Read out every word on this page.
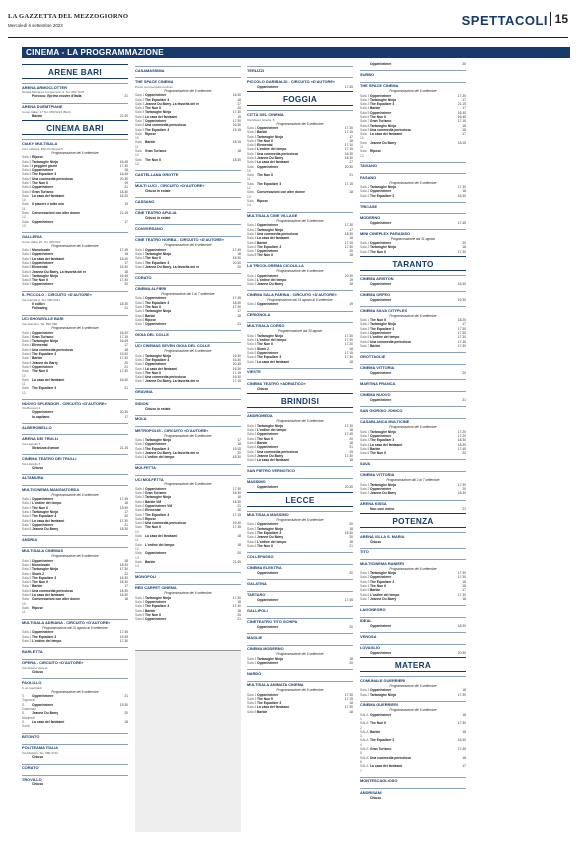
LA GAZZETTA DEL MEZZOGIORNO
Mercoledì 6 settembre 2023	SPETTACOLI 15
CINEMA - LA PROGRAMMAZIONE
ARENE BARI
ARENA ARMOCLOTTER
Strada Mocarea Lungomare, 3. Tel. 080.7276
Porcocu: Eprime mostre d'Italia	21
ARENA DUEMTPIANE
Corso Italia, 17 Tel. 080.5212 (Bari)
Barbie	21.30
CINEMA BARI
CIAKY MULTISALA
Via I mbriani, Bari Prolingua 5
Programmazione del 6 settembre
Sala 1 Ripose
Sala 2 Tartarughe Ninja	16.45
Sala 3 I peggiori giorni	17.30
Sala 4 Oppenheimer	18
Sala 5 The Equalizer 3	16.45
Sala 6 Una commedia pericolosa	20.30
Sala 7 The Nun II	19
Sala 8 Oppenheimer	21
Sala 9 Gran Turismo	18.30
Sala 10
La casa dei fantasmi	16.20
Sala 11
Il piacere è tutto mio	19
Sala 12
Conversazioni con altre donne	21.15
Sala 13
Oppenheimer	17
GALLERIA
Corso Italia 15. Tel. 080.521
Programmazione del 6 settembre
Sala 1 Monolocale	17.45
Sala 2 Oppenheimer	18
Sala 3 La casa dei fantasmi	16.40
Sala 4 Oppenheimer	17
Sala 5 Elemental	16.30
Sala 6 Jeanne Du Barry. La favorita del re	18
Sala 7 Tartarughe Ninja	16.45
Sala 8 The Nun II	17.30
Sala 9 Oppenheimer	20
IL PICCOLO - CIRCUITO «D'AUTORE»
Via Gandhi 4. Tel. 080.5341
Il colibrì	18.30
Following	21
UCI SHOWVILLE BARI
Via Giannini. Tel. 892.960
Programmazione del 6 settembre
Sala 1 Oppenheimer	16.20
Sala 2 Gran Turismo	17.15
Sala 3 Tartarughe Ninja	16.45
Sala 4 Elemental	17
Sala 5 Una commedia pericolosa	18
Sala 6 The Equalizer 3	19.30
Sala 7 Barbie	17.30
Sala 8 Jeanne du Barry	20
Sala 9 Oppenheimer	21
Sala 10
The Nun II	17.30
Sala 11
La casa dei fantasmi	16.40
Sala 12
The Equalizer 3	21
NUOVO SPLENDOR - CIRCUITO «D'AUTORE»
Via Buccari 2
Oppenheimer	20.30
Io capitano	17
ALBEROBELLO
ARENA DEI TRULLI
Via Lippolis 5
Stranizza d'amuri	21.15
CINEMA TEATRO DEI TRULLI
Via Lippolis 5
Chiuso
ALTAMURA
MULTICINEMA MANGIATORDA
Programmazione del 6 settembre
Sala 1 Oppenheimer	17.45
Sala 2 L'ordine del tempo	18
Sala 3 The Nun II	19.30
Sala 4 Tartarughe Ninja	17
Sala 5 The Equalizer 3	20
Sala 6 La casa dei fantasmi	17.30
Sala 7 Oppenheimer	21
Sala 8 Jeanne Du Barry	18.30
ANDRIA
MULTISALA CINEMAS
Programmazione del 6 settembre
Sala 1 Oppenheimer	18
Sala 2 Monolocale	18.30
Sala 3 Tartarughe Ninja	17.30
Sala 4 Shark 2	22
Sala 5 The Equalizer 3	16.30
Sala 6 The Nun II	18.30
Sala 7 Barbie	17
Sala 8 Una commedia pericolosa	18.30
Sala 9 La casa dei fantasmi	18.30
Sala 10
Conversazioni con altre donne	18
Sala 11
Ripose
MULTISALA ADRIANA - CIRCUITO «D'AUTORE»
Programmazione dal 31 agosto al 6 settembre
Sala 1 Oppenheimer	17.45
Sala 2 The Equalizer 3	19.45
Sala 3 L'ordine del tempo	17.30
BARLETTA
OPERA - CIRCUITO «D'AUTORE»
Via Vittorio Veneto
Chiuso
PAOLILLO
C.so Garibaldi
Programmazione del 6 settembre
S. Tognazzi
Oppenheimer	21
S. Gassman
Oppenheimer	19.30
S. Manfredi
Jeanne Du Barry	20
S. Sordi
La casa dei fantasmi	18
BITONTO
POLITEAMA ITALIA
Via Mazzini. Tel. 080.3712
Chiuso
CORATO
TROVILLO
Chiuso
CASAMASSIMA
THE SPACE CINEMA
Parco commerciale Auchan
Programmazione del 6 settembre
Sala 1 Oppenheimer	16.30
Sala 2 The Equalizer 3	18
Sala 3 Jeanne Du Barry. La favorita del re	17
Sala 4 The Nun II	20
Sala 5 Tartarughe Ninja	17.30
Sala 6 La casa dei fantasmi	19
Sala 7 Oppenheimer	17.30
Sala 8 Una commedia pericolosa	16.30
Sala 9 The Equalizer 3	19.15
Sala 10
Ripose
Sala 11
Barbie	18.15
Sala 12
Gran Turismo	18
Sala 13
The Nun II	18.30
CASTELLANA GROTTE
MULTI LUCI - CIRCUITO «D'AUTORE»
Chiuso in estate
CASSANO
CINE TEATRO APULIA
Chiuso in estate
CONVERSANO
CINE TEATRO NORBA - CIRCUITO «D'AUTORE»
Programmazione del 6 settembre
Sala 1 Oppenheimer	17.45
Sala 2 Tartarughe Ninja	18
Sala 3 The Nun II	18.30
Sala 4 The Equalizer 3	20.30
Sala 5 Jeanne Du Barry. La favorita del re	20
CORATO
CINEMA ALFIERI
Programmazione dal 1 al 7 settembre
Sala 1 Oppenheimer	17.45
Sala 2 The Equalizer 3	18.30
Sala 3 The Nun II	17.30
Sala 4 Tartarughe Ninja	17
Sala 5 Barbie	18
Sala 6 Ripose
Sala 7 Oppenheimer	21
GIOIA DEL COLLE
UCI CINEMAS SEVEN GIOIA DEL COLLE
Programmazione del 6 settembre
Sala 1 Tartarughe Ninja	16.30
Sala 2 The Equalizer 3	16.30
Sala 3 Oppenheimer	20.45
Sala 4 La casa dei fantasmi	16.30
Sala 5 The Nun II	17.15
Sala 6 Una commedia pericolosa	16.30
Sala 7 Jeanne Du Barry. La favorita del re	17.15
GRAVINA
SIDION
Chiuso in estate
MOLA
METROPOLIS - CIRCUITO «D'AUTORE»
Programmazione del 6 settembre
Sala 1 Tartarughe Ninja	17
Sala 2 Oppenheimer	18
Sala 3 The Equalizer 3	19.15
Sala 4 Jeanne Du Barry. La favorita del re	20
Sala 5 L'ordine del tempo	18.30
MOLFETTA
UCI MOLFETTA
Programmazione del 6 settembre
Sala 1 Oppenheimer	17.30
Sala 2 Gran Turismo	18.30
Sala 3 Tartarughe Ninja	16
Sala 4 Barbie VM	18.30
Sala 5 Oppenheimer VM	21
Sala 6 Elemental	16
Sala 7 The Equalizer 3	17.15
Sala 8 Ripose
Sala 9 Una commedia pericolosa	19.30
Sala 10
The Nun II	17.35
Sala 11
La casa dei fantasmi	18
Sala 12
L'ordine del tempo	18
Sala 13
Oppenheimer	20
Sala 14
Barbie	21.45
MONOPOLI
RED CARPET CINEMA
Programmazione del 6 settembre
Sala 1 Tartarughe Ninja	17.30
Sala 2 Oppenheimer	18
Sala 3 The Equalizer 3	17.40
Sala 4 Barbie	18
Sala 5 The Nun II	20
Sala 6 Oppenheimer	21
TERLIZZI
PICCOLO GARIBALDI - CIRCUITO «D'AUTORE»
Oppenheimer	17.45
FOGGIA
CITTÀ DEL CINEMA
Via Mauro Grazia, 5
Programmazione del 6 settembre
Sala 1 Oppenheimer	17.30
Sala 2 Barbie	17.15
Sala 3 Tartarughe Ninja	17
Sala 4 The Nun II	18
Sala 5 Elemental	17.10
Sala 6 L'ordine del tempo	17.15
Sala 7 Una commedia pericolosa	16.30
Sala 8 Jeanne Du Barry	18.30
Sala 9 La casa dei fantasmi	17
Sala 10
Oppenheimer	20.30
Sala 11
The Nun II	21
Sala 12
The Equalizer 3	17.15
Sala 13
Conversazioni con altre donne	18
Sala 14
Ripose
MULTISALA CINE VILLAGE
Programmazione del 6 settembre
Sala 1 Oppenheimer	17.30
Sala 2 Tartarughe Ninja	17
Sala 3 Una commedia pericolosa	18.30
Sala 4 La casa dei fantasmi	18
Sala 5 Barbie	17.15
Sala 6 The Equalizer 3	17.30
Sala 7 Oppenheimer	20
Sala 8 The Nun II	18
LA TRICOLOREMA CICOLILLA
Programmazione del 6 settembre
Sala 1 Oppenheimer	20.30
Sala 2 L'ordine del tempo	19
Sala 3 Jeanne Du Barry	18
CINEMA SALA FARINA - CIRCUITO «D'AUTORE»
Programmazione dal 31 agosto al 6 settembre
Sala 1 Oppenheimer	19
CERIGNOLA
MULTISALA CORSO
Programmazione dal 30 agosto
Sala 1 Tartarughe Ninja	17.30
Sala 2 L'ordine del tempo	17.30
Sala 3 The Nun II	17.20
Sala 4 Shark 2	18
Sala 5 Oppenheimer	17.15
Sala 6 The Equalizer 3	17.30
Sala 7 La casa dei fantasmi	18
VIESTE
CINEMA TEATRO «ADRIATICO»
Chiuso
BRINDISI
ANDROMEDA
Programmazione del 6 settembre
Sala 1 Tartarughe Ninja	17.30
Sala 2 L'ordine del tempo	18
Sala 3 Oppenheimer	17.45
Sala 4 The Nun II	20
Sala 5 Barbie	18
Sala 6 Oppenheimer	21
Sala 7 Una commedia pericolosa	19
Sala 8 Jeanne Du Barry	17.30
Sala 9 La casa dei fantasmi	18
SAN PIETRO VERNOTICO
MASSIMO
Oppenheimer	20.30
LECCE
MULTISALA MASSIMO
Programmazione del 6 settembre
Sala 1 Oppenheimer	20
Sala 2 Tartarughe Ninja	18
Sala 3 The Equalizer 3	18.30
Sala 4 Jeanne Du Barry	20
Sala 5 L'ordine del tempo	18
Sala 6 The Nun II	21
COLLEPASSO
CINEMA ELEKTRA
Oppenheimer	20
GALATINA
TARTARO
Oppenheimer	17.45
GALLIPOLI
CINETEATRO TITO SCHIPA
Oppenheimer	20
MAGLIE
CINEMA MODERNO
Programmazione del 6 settembre
Sala 1 Tartarughe Ninja	18
Sala 2 Oppenheimer	20
NARDÒ
MULTISALA ANIMATA CINEMA
Programmazione del 6 settembre
Sala 1 Oppenheimer	17.30
Sala 2 The Nun II	17.15
Sala 3 The Equalizer 3	18
Sala 4 La casa dei fantasmi	17.30
Sala 5 Barbie	18
Oppenheimer	20
SURBO
THE SPACE CINEMA
Programmazione del 6 settembre
Sala 1 Oppenheimer	17.30
Sala 2 Tartarughe Ninja	17
Sala 3 The Equalizer 3	21.15
Sala 4 Barbie	17
Sala 5 Oppenheimer	16.30
Sala 6 The Nun II	16.45
Sala 7 Gran Turismo	17.15
Sala 8 Tartarughe Ninja	18
Sala 9 Una commedia pericolosa	18
Sala 10
La casa dei fantasmi	17
Sala 11
Jeanne Du Barry	18.15
Sala 12
Ripose
TAVIANO
FASANO
Programmazione del 6 settembre
Sala 1 Tartarughe Ninja	17.30
Sala 2 Oppenheimer	18
Sala 3 The Equalizer 3	18.30
TRICASE
MODERNO
Oppenheimer	17.45
MINI CINEPLEX PARADISO
Programmazione dal 31 agosto
Sala 1 Oppenheimer	20
Sala 2 Tartarughe Ninja	18
Sala 3 The Nun II	17.30
TARANTO
CINEMA ARISTON
Oppenheimer	18.30
CINEMA ORFEO
Oppenheimer	19.30
CINEMA SILVA CITYPLEX
Programmazione del 6 settembre
Sala 1 The Nun II	18.20
Sala 2 Tartarughe Ninja	17
Sala 3 The Equalizer 3	17.30
Sala 4 Oppenheimer	17.30
Sala 5 L'ordine del tempo	17.30
Sala 6 Una commedia pericolosa	17.45
Sala 7 Barbie	17.30
GROTTAGLIE
CINEMA VITTORIA
Oppenheimer	20
MARTINA FRANCA
CINEMA NUOVO
Oppenheimer	21
SAN GIORGIO JONICO
CASABLANCA MULTICINE
Programmazione del 6 settembre
Sala 1 Tartarughe Ninja	17.20
Sala 2 Oppenheimer	17.20
Sala 3 The Equalizer 3	18.30
Sala 4 La casa dei fantasmi	18.30
Sala 5 Barbie	17.45
Sala 6 The Nun II	20
SAVA
CINEMA VITTORIA
Programmazione dal 2 al 7 settembre
Sala 1 Tartarughe Ninja	17.30
Sala 2 Oppenheimer	20
Sala 3 Jeanne Du Barry	18.30
ARENA KISSA
Non così vicino	21
POTENZA
ARENA VILLA S. MARIA
Chiuso
TITO
MULTICINEMA RANIERI
Programmazione del 6 settembre
Sala 1 Tartarughe Ninja	17.30
Sala 2 Oppenheimer	17.30
Sala 3 The Equalizer 3	18
Sala 4 The Nun II	18
Sala 5 Barbie	17
Sala 6 L'ordine del tempo	17.30
Sala 7 Jeanne Du Barry	18
LAGONEGRO
IDEAL
Oppenheimer	18.30
VENOSA
LOVAGLIO
Oppenheimer	20.30
MATERA
COMUNALE GUERRIERI
Programmazione del 6 settembre
Sala 1 Oppenheimer	18
Sala 2 Tartarughe Ninja	17.30
CINEMA GUERRIERI
Programmazione del 6 settembre
SALA 1
Oppenheimer	18
SALA 2
The Nun II	17.30
SALA 3
Barbie	18
SALA 4
The Equalizer 3	18.30
SALA 5
Gran Turismo	17.45
SALA 6
Una commedia pericolosa	18
SALA 7
La casa dei fantasmi	17
MONTESCAGLIOSO
ANDRISANI
Chiuso
